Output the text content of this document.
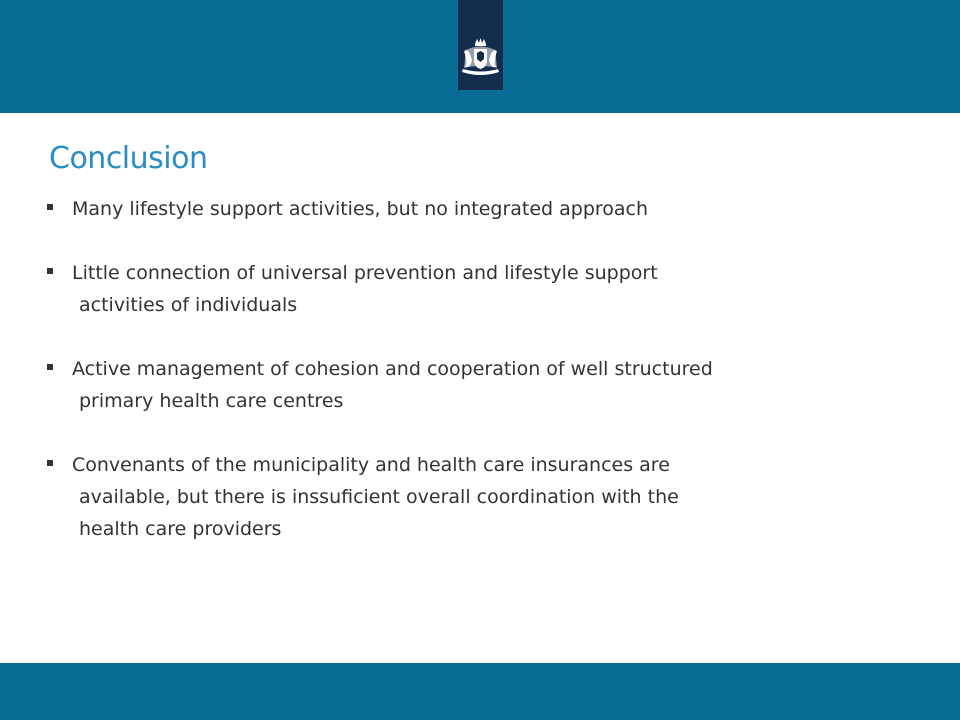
Conclusion
Many lifestyle support activities, but no integrated approach
Little connection of universal prevention and lifestyle support
activities of individuals
Active management of cohesion and cooperation of well structured
primary health care centres
Convenants of the municipality and health care insurances are
available, but there is inssuficient overall coordination with the
health care providers
